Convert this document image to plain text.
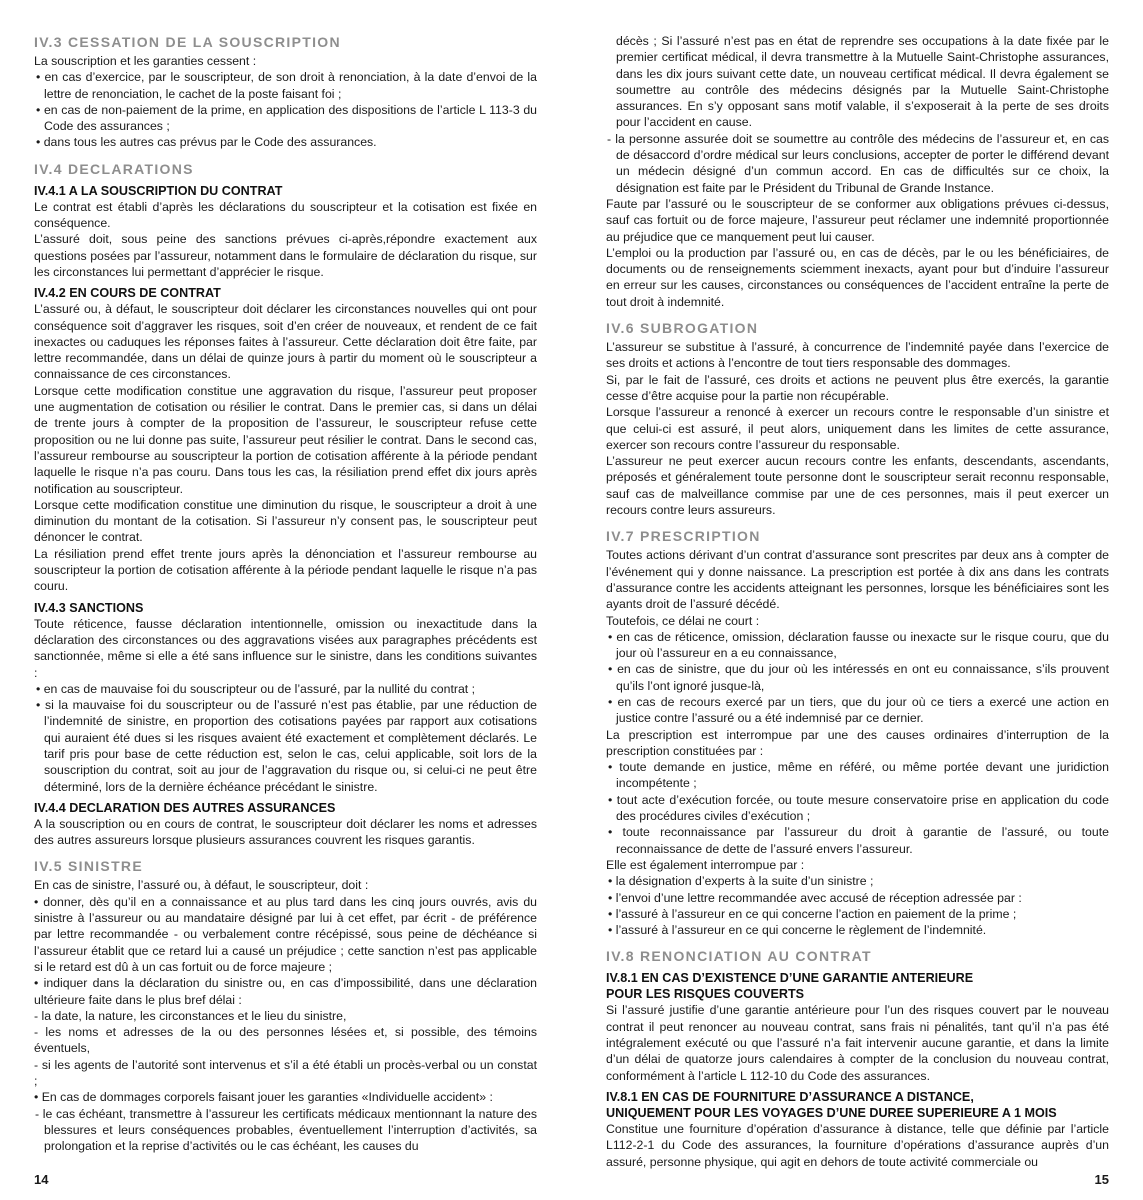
IV.3 CESSATION DE LA SOUSCRIPTION

La souscription et les garanties cessent :

• en cas d’exercice, par le souscripteur, de son droit à renonciation, à la date d’envoi de la lettre de renonciation, le cachet de la poste faisant foi ;

• en cas de non-paiement de la prime, en application des dispositions de l’article L 113-3 du Code des assurances ;

• dans tous les autres cas prévus par le Code des assurances.

IV.4 DECLARATIONS
IV.4.1 A LA SOUSCRIPTION DU CONTRAT

Le contrat est établi d’après les déclarations du souscripteur et la cotisation est fixée en conséquence.

L’assuré doit, sous peine des sanctions prévues ci-après,répondre exactement aux questions posées par l’assureur, notamment dans le formulaire de déclaration du risque, sur les circonstances lui permettant d’apprécier le risque.

IV.4.2 EN COURS DE CONTRAT

L’assuré ou, à défaut, le souscripteur doit déclarer les circonstances nouvelles qui ont pour conséquence soit d’aggraver les risques, soit d’en créer de nouveaux, et rendent de ce fait inexactes ou caduques les réponses faites à l’assureur. Cette déclaration doit être faite, par lettre recommandée, dans un délai de quinze jours à partir du moment où le souscripteur a connaissance de ces circonstances.

Lorsque cette modification constitue une aggravation du risque, l’assureur peut proposer une augmentation de cotisation ou résilier le contrat. Dans le premier cas, si dans un délai de trente jours à compter de la proposition de l’assureur, le souscripteur refuse cette proposition ou ne lui donne pas suite, l’assureur peut résilier le contrat. Dans le second cas, l’assureur rembourse au souscripteur la portion de cotisation afférente à la période pendant laquelle le risque n’a pas couru. Dans tous les cas, la résiliation prend effet dix jours après notification au souscripteur.

Lorsque cette modification constitue une diminution du risque, le souscripteur a droit à une diminution du montant de la cotisation. Si l’assureur n’y consent pas, le souscripteur peut dénoncer le contrat.

La résiliation prend effet trente jours après la dénonciation et l’assureur rembourse au souscripteur la portion de cotisation afférente à la période pendant laquelle le risque n’a pas couru.

IV.4.3 SANCTIONS

Toute réticence, fausse déclaration intentionnelle, omission ou inexactitude dans la déclaration des circonstances ou des aggravations visées aux paragraphes précédents est sanctionnée, même si elle a été sans influence sur le sinistre, dans les conditions suivantes :

• en cas de mauvaise foi du souscripteur ou de l’assuré, par la nullité du contrat ;

• si la mauvaise foi du souscripteur ou de l’assuré n’est pas établie, par une réduction de l’indemnité de sinistre, en proportion des cotisations payées par rapport aux cotisations qui auraient été dues si les risques avaient été exactement et complètement déclarés. Le tarif pris pour base de cette réduction est, selon le cas, celui applicable, soit lors de la souscription du contrat, soit au jour de l’aggravation du risque ou, si celui-ci ne peut être déterminé, lors de la dernière échéance précédant le sinistre.

IV.4.4 DECLARATION DES AUTRES ASSURANCES

A la souscription ou en cours de contrat, le souscripteur doit déclarer les noms et adresses des autres assureurs lorsque plusieurs assurances couvrent les risques garantis.

IV.5 SINISTRE

En cas de sinistre, l’assuré ou, à défaut, le souscripteur, doit :

• donner, dès qu’il en a connaissance et au plus tard dans les cinq jours ouvrés, avis du sinistre à l’assureur ou au mandataire désigné par lui à cet effet, par écrit - de préférence par lettre recommandée - ou verbalement contre récépissé, sous peine de déchéance si l’assureur établit que ce retard lui a causé un préjudice ; cette sanction n’est pas applicable si le retard est dû à un cas fortuit ou de force majeure ;

• indiquer dans la déclaration du sinistre ou, en cas d’impossibilité, dans une déclaration ultérieure faite dans le plus bref délai :

- la date, la nature, les circonstances et le lieu du sinistre,

- les noms et adresses de la ou des personnes lésées et, si possible, des témoins éventuels,

- si les agents de l’autorité sont intervenus et s’il a été établi un procès-verbal ou un constat ;

• En cas de dommages corporels faisant jouer les garanties «Individuelle accident» :

- le cas échéant, transmettre à l’assureur les certificats médicaux mentionnant la nature des blessures et leurs conséquences probables, éventuellement l’interruption d’activités, sa prolongation et la reprise d’activités ou le cas échéant, les causes du

décès ; Si l’assuré n’est pas en état de reprendre ses occupations à la date fixée par le premier certificat médical, il devra transmettre à la Mutuelle Saint-Christophe assurances, dans les dix jours suivant cette date, un nouveau certificat médical. Il devra également se soumettre au contrôle des médecins désignés par la Mutuelle Saint-Christophe assurances. En s’y opposant sans motif valable, il s’exposerait à la perte de ses droits pour l’accident en cause.

- la personne assurée doit se soumettre au contrôle des médecins de l’assureur et, en cas de désaccord d’ordre médical sur leurs conclusions, accepter de porter le différend devant un médecin désigné d’un commun accord. En cas de difficultés sur ce choix, la désignation est faite par le Président du Tribunal de Grande Instance.

Faute par l’assuré ou le souscripteur de se conformer aux obligations prévues ci-dessus, sauf cas fortuit ou de force majeure, l’assureur peut réclamer une indemnité proportionnée au préjudice que ce manquement peut lui causer.

L’emploi ou la production par l’assuré ou, en cas de décès, par le ou les bénéficiaires, de documents ou de renseignements sciemment inexacts, ayant pour but d’induire l’assureur en erreur sur les causes, circonstances ou conséquences de l’accident entraîne la perte de tout droit à indemnité.

IV.6 SUBROGATION

L’assureur se substitue à l’assuré, à concurrence de l’indemnité payée dans l’exercice de ses droits et actions à l’encontre de tout tiers responsable des dommages.

Si, par le fait de l’assuré, ces droits et actions ne peuvent plus être exercés, la garantie cesse d’être acquise pour la partie non récupérable.

Lorsque l’assureur a renoncé à exercer un recours contre le responsable d’un sinistre et que celui-ci est assuré, il peut alors, uniquement dans les limites de cette assurance, exercer son recours contre l’assureur du responsable.

L’assureur ne peut exercer aucun recours contre les enfants, descendants, ascendants, préposés et généralement toute personne dont le souscripteur serait reconnu responsable, sauf cas de malveillance commise par une de ces personnes, mais il peut exercer un recours contre leurs assureurs.

IV.7 PRESCRIPTION

Toutes actions dérivant d’un contrat d’assurance sont prescrites par deux ans à compter de l’événement qui y donne naissance. La prescription est portée à dix ans dans les contrats d’assurance contre les accidents atteignant les personnes, lorsque les bénéficiaires sont les ayants droit de l’assuré décédé.

Toutefois, ce délai ne court :

• en cas de réticence, omission, déclaration fausse ou inexacte sur le risque couru, que du jour où l’assureur en a eu connaissance,

• en cas de sinistre, que du jour où les intéressés en ont eu connaissance, s’ils prouvent qu’ils l’ont ignoré jusque-là,

• en cas de recours exercé par un tiers, que du jour où ce tiers a exercé une action en justice contre l’assuré ou a été indemnisé par ce dernier.

La prescription est interrompue par une des causes ordinaires d’interruption de la prescription constituées par :

• toute demande en justice, même en référé, ou même portée devant une juridiction incompétente ;

• tout acte d’exécution forcée, ou toute mesure conservatoire prise en application du code des procédures civiles d’exécution ;

• toute reconnaissance par l’assureur du droit à garantie de l’assuré, ou toute reconnaissance de dette de l’assuré envers l’assureur.

Elle est également interrompue par :

• la désignation d’experts à la suite d’un sinistre ;

• l’envoi d’une lettre recommandée avec accusé de réception adressée par :

• l’assuré à l’assureur en ce qui concerne l’action en paiement de la prime ;

• l’assuré à l’assureur en ce qui concerne le règlement de l’indemnité.

IV.8 RENONCIATION AU CONTRAT
IV.8.1 EN CAS D’EXISTENCE D’UNE GARANTIE ANTERIEURE
POUR LES RISQUES COUVERTS

Si l’assuré justifie d’une garantie antérieure pour l’un des risques couvert par le nouveau contrat il peut renoncer au nouveau contrat, sans frais ni pénalités, tant qu’il n’a pas été intégralement exécuté ou que l’assuré n’a fait intervenir aucune garantie, et dans la limite d’un délai de quatorze jours calendaires à compter de la conclusion du nouveau contrat, conformément à l’article L 112-10 du Code des assurances.

IV.8.1 EN CAS DE FOURNITURE D’ASSURANCE A DISTANCE,
UNIQUEMENT POUR LES VOYAGES D’UNE DUREE SUPERIEURE A 1 MOIS

Constitue une fourniture d’opération d’assurance à distance, telle que définie par l’article L112-2-1 du Code des assurances, la fourniture d’opérations d’assurance auprès d’un assuré, personne physique, qui agit en dehors de toute activité commerciale ou

14	15
